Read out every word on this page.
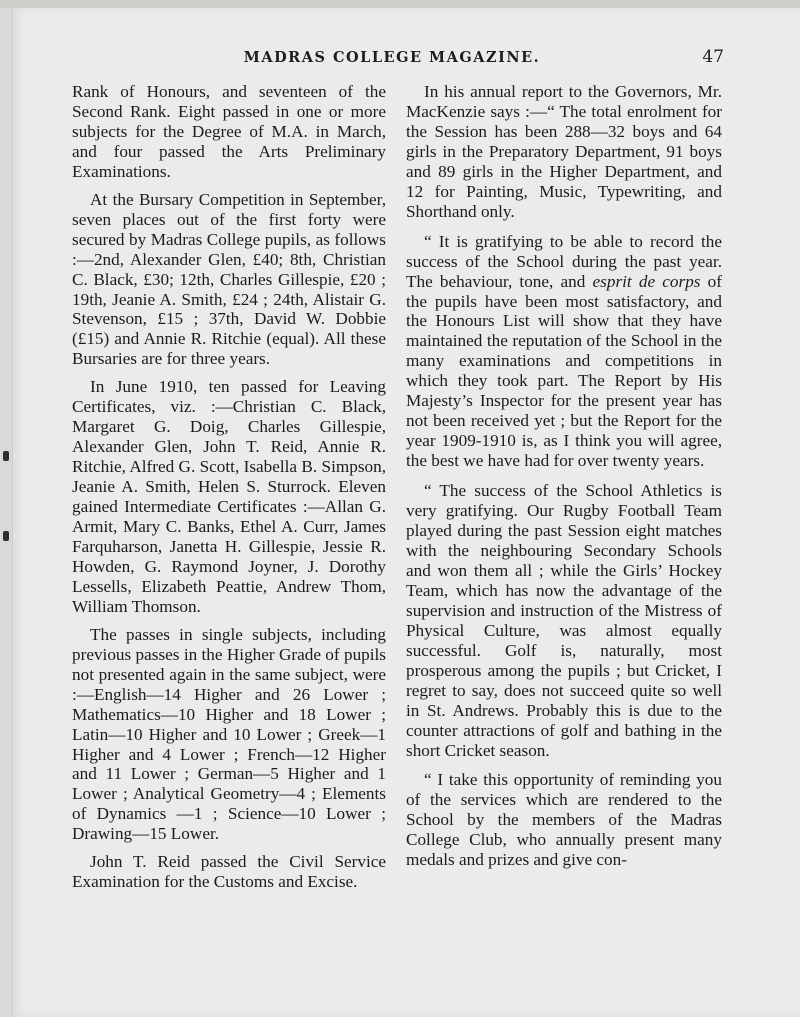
MADRAS COLLEGE MAGAZINE.	47

Rank of Honours, and seventeen of the Second Rank. Eight passed in one or more subjects for the Degree of M.A. in March, and four passed the Arts Preliminary Examinations.

At the Bursary Competition in September, seven places out of the first forty were secured by Madras College pupils, as follows :—2nd, Alexander Glen, £40; 8th, Christian C. Black, £30; 12th, Charles Gillespie, £20 ; 19th, Jeanie A. Smith, £24 ; 24th, Alistair G. Stevenson, £15 ; 37th, David W. Dobbie (£15) and Annie R. Ritchie (equal). All these Bursaries are for three years.

In June 1910, ten passed for Leaving Certificates, viz. :—Christian C. Black, Margaret G. Doig, Charles Gillespie, Alexander Glen, John T. Reid, Annie R. Ritchie, Alfred G. Scott, Isabella B. Simpson, Jeanie A. Smith, Helen S. Sturrock. Eleven gained Intermediate Certificates :—Allan G. Armit, Mary C. Banks, Ethel A. Curr, James Farquharson, Janetta H. Gillespie, Jessie R. Howden, G. Raymond Joyner, J. Dorothy Lessells, Elizabeth Peattie, Andrew Thom, William Thomson.

The passes in single subjects, including previous passes in the Higher Grade of pupils not presented again in the same subject, were :—English—14 Higher and 26 Lower ; Mathematics—10 Higher and 18 Lower ; Latin—10 Higher and 10 Lower ; Greek—1 Higher and 4 Lower ; French—12 Higher and 11 Lower ; German—5 Higher and 1 Lower ; Analytical Geometry—4 ; Elements of Dynamics —1 ; Science—10 Lower ; Drawing—15 Lower.

John T. Reid passed the Civil Service Examination for the Customs and Excise.

In his annual report to the Governors, Mr. MacKenzie says :—“ The total enrolment for the Session has been 288—32 boys and 64 girls in the Preparatory Department, 91 boys and 89 girls in the Higher Department, and 12 for Painting, Music, Typewriting, and Shorthand only.

“ It is gratifying to be able to record the success of the School during the past year. The behaviour, tone, and esprit de corps of the pupils have been most satisfactory, and the Honours List will show that they have maintained the reputation of the School in the many examinations and competitions in which they took part. The Report by His Majesty’s Inspector for the present year has not been received yet ; but the Report for the year 1909-1910 is, as I think you will agree, the best we have had for over twenty years.

“ The success of the School Athletics is very gratifying. Our Rugby Football Team played during the past Session eight matches with the neighbouring Secondary Schools and won them all ; while the Girls’ Hockey Team, which has now the advantage of the supervision and instruction of the Mistress of Physical Culture, was almost equally successful. Golf is, naturally, most prosperous among the pupils ; but Cricket, I regret to say, does not succeed quite so well in St. Andrews. Probably this is due to the counter attractions of golf and bathing in the short Cricket season.

“ I take this opportunity of reminding you of the services which are rendered to the School by the members of the Madras College Club, who annually present many medals and prizes and give con-
